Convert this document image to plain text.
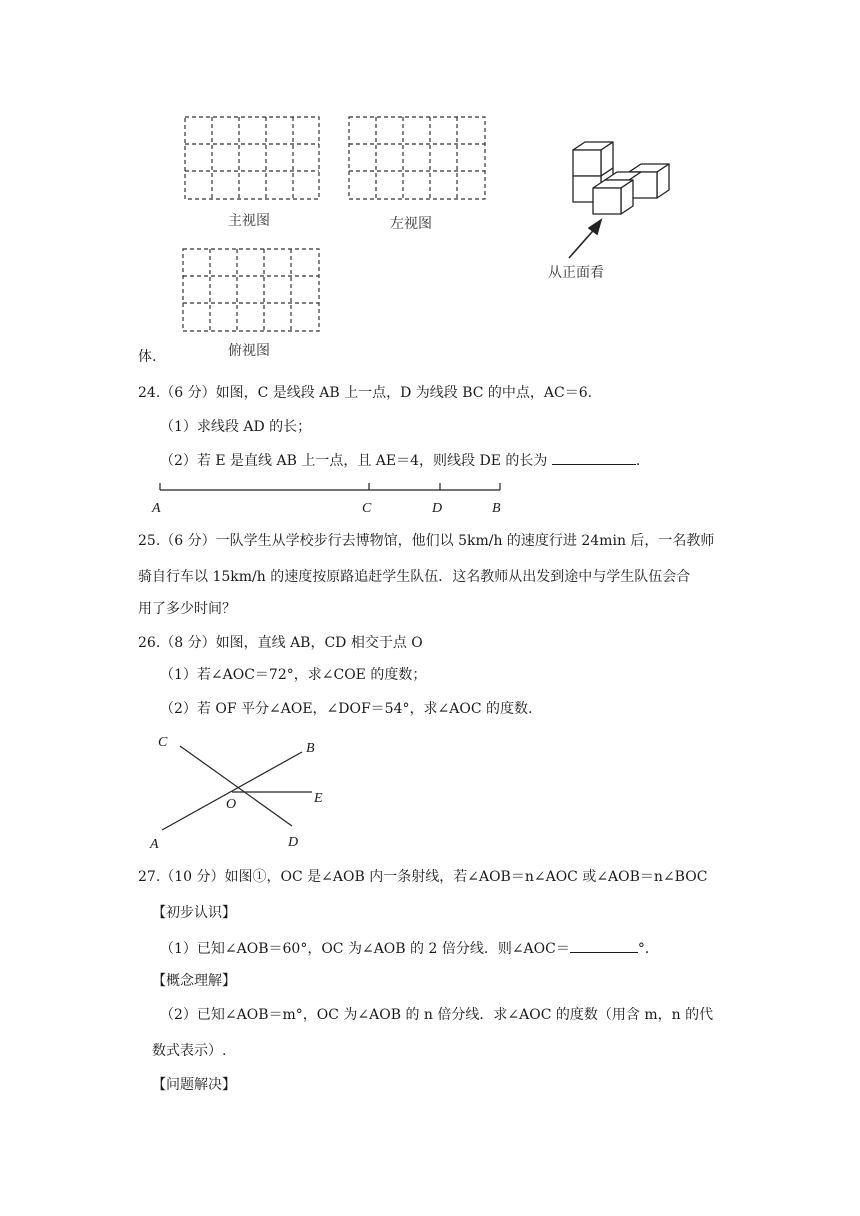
主视图	左视图
俯视图
从正面看
体.
24.（6 分）如图，C 是线段 AB 上一点，D 为线段 BC 的中点，AC＝6.
（1）求线段 AD 的长；
（2）若 E 是直线 AB 上一点，且 AE＝4，则线段 DE 的长为	.
A	C	D	B
25.（6 分）一队学生从学校步行去博物馆，他们以 5km/h 的速度行进 24min 后，一名教师
骑自行车以 15km/h 的速度按原路追赶学生队伍．这名教师从出发到途中与学生队伍会合
用了多少时间？
26.（8 分）如图，直线 AB，CD 相交于点 O
（1）若∠AOC＝72°，求∠COE 的度数；
（2）若 OF 平分∠AOE，∠DOF＝54°，求∠AOC 的度数.
C	B
O	E
A	D
27.（10 分）如图①，OC 是∠AOB 内一条射线，若∠AOB＝n∠AOC 或∠AOB＝n∠BOC
【初步认识】
（1）已知∠AOB＝60°，OC 为∠AOB 的 2 倍分线．则∠AOC＝	°．
【概念理解】
（2）已知∠AOB＝m°，OC 为∠AOB 的 n 倍分线．求∠AOC 的度数（用含 m，n 的代
数式表示）.
【问题解决】
